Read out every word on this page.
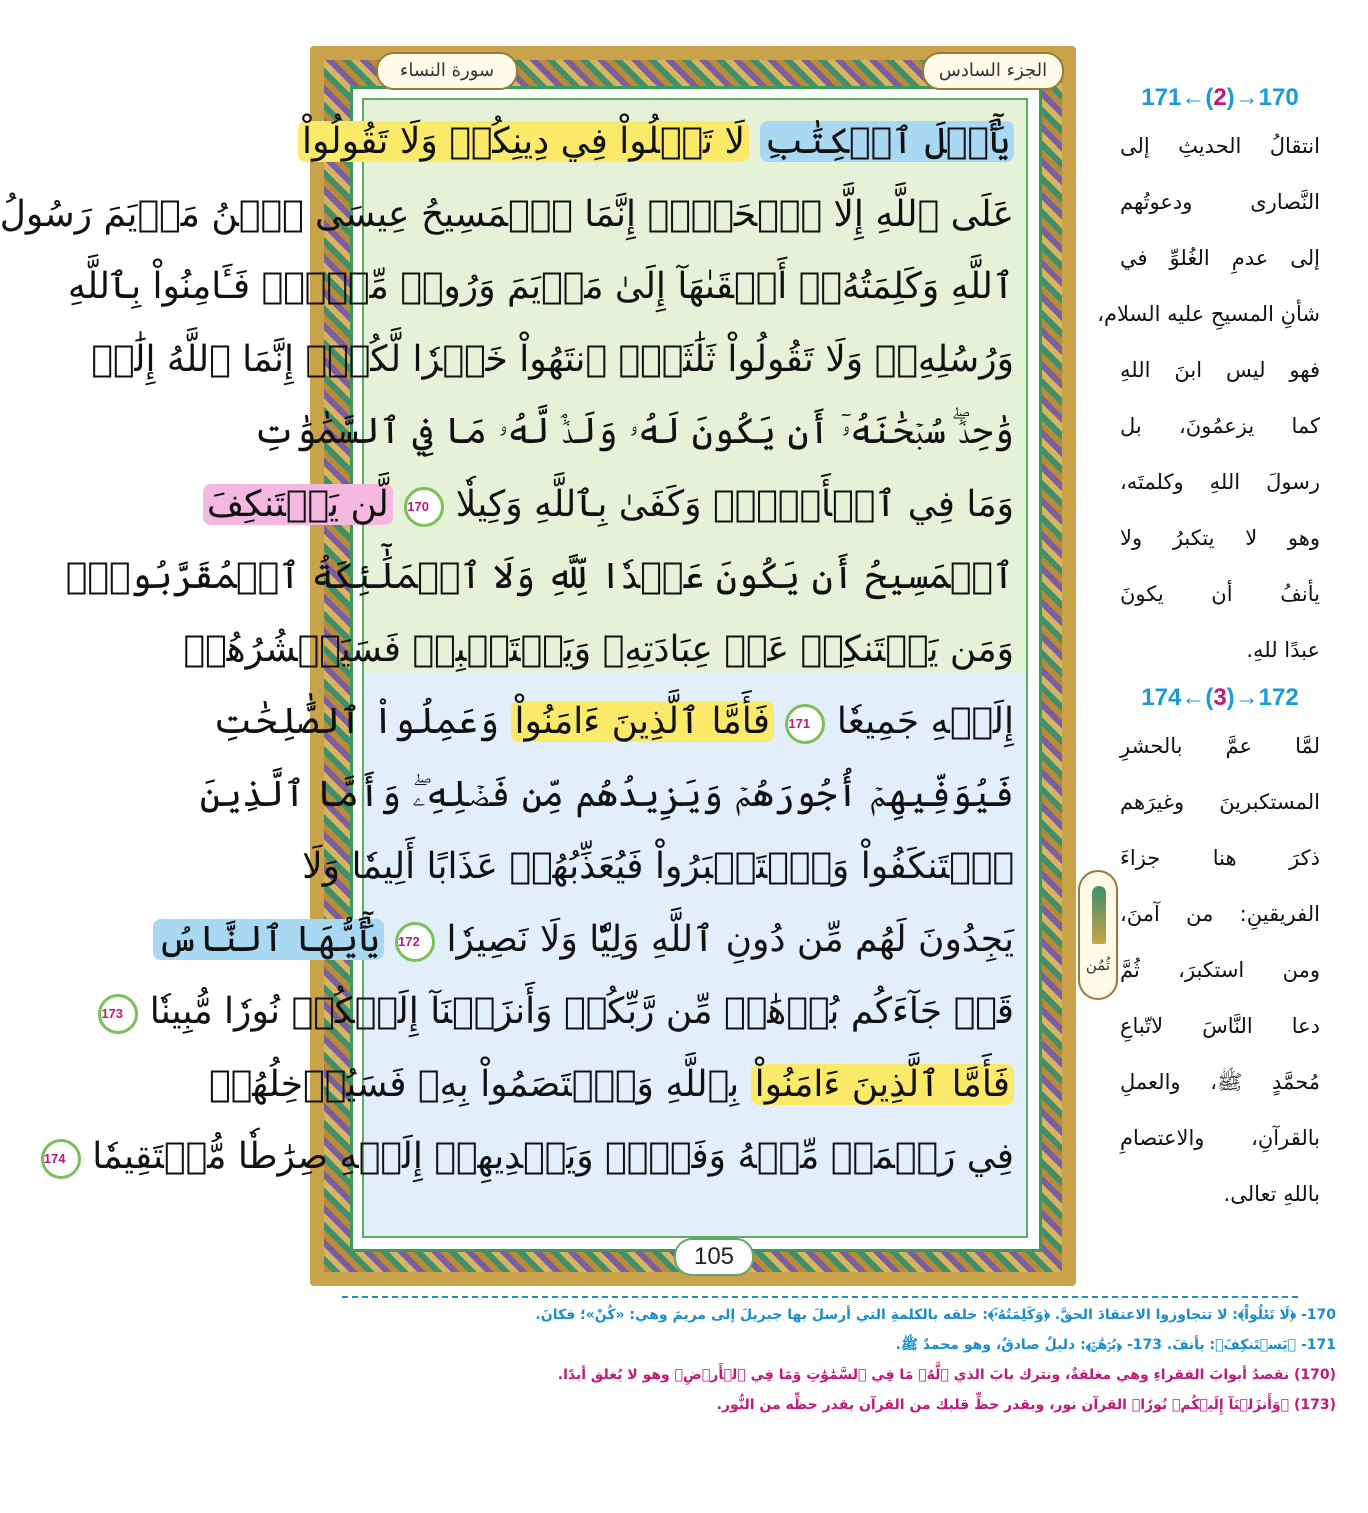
الجزء السادس
سورة النساء
يَٰٓأَهۡلَ ٱلۡكِتَٰبِ لَا تَغۡلُواْ فِي دِينِكُمۡ وَلَا تَقُولُواْ
عَلَى ٱللَّهِ إِلَّا ٱلۡحَقَّۚ إِنَّمَا ٱلۡمَسِيحُ عِيسَى ٱبۡنُ مَرۡيَمَ رَسُولُ
ٱللَّهِ وَكَلِمَتُهُۥٓ أَلۡقَىٰهَآ إِلَىٰ مَرۡيَمَ وَرُوحٞ مِّنۡهُۖ فَـَٔامِنُواْ بِٱللَّهِ
وَرُسُلِهِۦۖ وَلَا تَقُولُواْ ثَلَٰثَةٌۚ ٱنتَهُواْ خَيۡرٗا لَّكُمۡۚ إِنَّمَا ٱللَّهُ إِلَٰهٞ
وَٰحِدٞۖ سُبۡحَٰنَهُۥٓ أَن يَكُونَ لَهُۥ وَلَدٞۘ لَّهُۥ مَا فِي ٱلسَّمَٰوَٰتِ
وَمَا فِي ٱلۡأَرۡضِۗ وَكَفَىٰ بِٱللَّهِ وَكِيلٗا 170 لَّن يَسۡتَنكِفَ
ٱلۡمَسِيحُ أَن يَكُونَ عَبۡدٗا لِّلَّهِ وَلَا ٱلۡمَلَٰٓئِكَةُ ٱلۡمُقَرَّبُونَۚ
وَمَن يَسۡتَنكِفۡ عَنۡ عِبَادَتِهِۦ وَيَسۡتَكۡبِرۡ فَسَيَحۡشُرُهُمۡ
إِلَيۡهِ جَمِيعٗا 171 فَأَمَّا ٱلَّذِينَ ءَامَنُواْ وَعَمِلُواْ ٱلصَّٰلِحَٰتِ
فَيُوَفِّيهِمۡ أُجُورَهُمۡ وَيَزِيدُهُم مِّن فَضۡلِهِۦۖ وَأَمَّا ٱلَّذِينَ
ٱسۡتَنكَفُواْ وَٱسۡتَكۡبَرُواْ فَيُعَذِّبُهُمۡ عَذَابًا أَلِيمٗا وَلَا
يَجِدُونَ لَهُم مِّن دُونِ ٱللَّهِ وَلِيّٗا وَلَا نَصِيرٗا 172 يَٰٓأَيُّهَا ٱلنَّاسُ
قَدۡ جَآءَكُم بُرۡهَٰنٞ مِّن رَّبِّكُمۡ وَأَنزَلۡنَآ إِلَيۡكُمۡ نُورٗا مُّبِينٗا 173
فَأَمَّا ٱلَّذِينَ ءَامَنُواْ بِٱللَّهِ وَٱعۡتَصَمُواْ بِهِۦ فَسَيُدۡخِلُهُمۡ
فِي رَحۡمَةٖ مِّنۡهُ وَفَضۡلٖ وَيَهۡدِيهِمۡ إِلَيۡهِ صِرَٰطٗا مُّسۡتَقِيمٗا 174
105
ثُمُن
171←(2)→170
انتقالُ الحديثِ إلى
النَّصارى ودعوتُهم
إلى عدمِ الغُلوِّ في
شأنِ المسيحِ عليه السلام،
فهو ليس ابنَ اللهِ
كما يزعمُونَ، بل
رسولَ اللهِ وكلمتَه،
وهو لا يتكبرُ ولا
يأنفُ أن يكونَ
عبدًا للهِ.
174←(3)→172
لمَّا عمَّ بالحشرِ
المستكبرينَ وغيرَهم
ذكرَ هنا جزاءَ
الفريقينِ: من آمنَ،
ومن استكبرَ، ثُمَّ
دعا النَّاسَ لاتّباعِ
مُحمَّدٍ ﷺ، والعملِ
بالقرآنِ، والاعتصامِ
باللهِ تعالى.
170- ﴿لَا تَغۡلُواْ﴾: لا تتجاوزوا الاعتقادَ الحقَّ. ﴿وَكَلِمَتُهُۥٓ﴾: خلقه بالكلمةِ التي أرسلَ بها جبريلَ إلى مريمَ وهي: «كُنْ»؛ فكانَ.
171- ﴿يَسۡتَنكِفَ﴾: يأنفَ. 173- ﴿بُرۡهَٰنٞ﴾: دليلٌ صادقٌ، وهو محمدٌ ﷺ.
(170) نقصدُ أبوابَ الفقراءِ وهي مغلقةٌ، ونترك بابَ الذي ﴿لَّهُۥ مَا فِي ٱلسَّمَٰوَٰتِ وَمَا فِي ٱلۡأَرۡضِ﴾ وهو لا يُغلق أبدًا.
(173) ﴿وَأَنزَلۡنَآ إِلَيۡكُمۡ نُورٗا﴾ القرآن نور، وبقدر حظِّ قلبك من القرآن بقدر حظِّه من النُّور.
